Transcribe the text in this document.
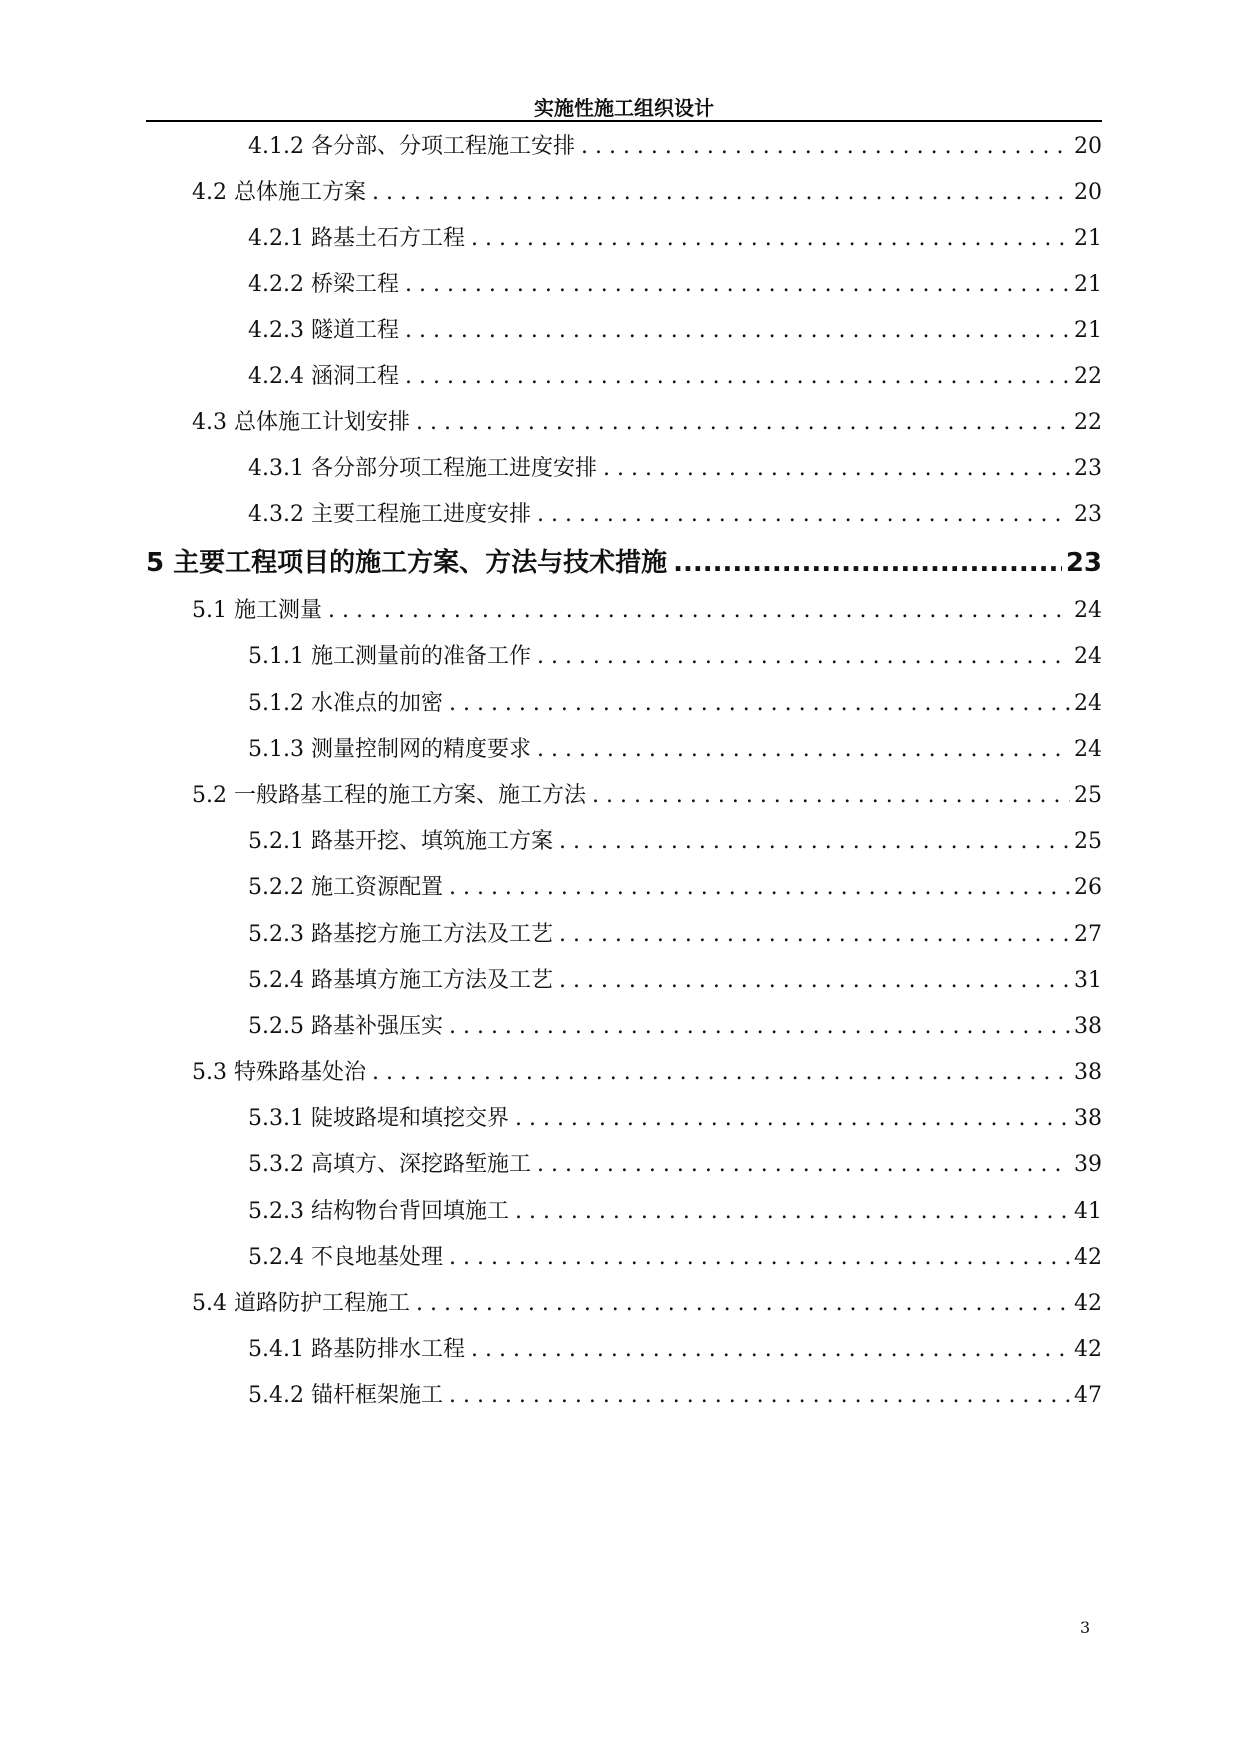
实施性施工组织设计
4.1.2 各分部、分项工程施工安排 . . .	20
4.2 总体施工方案 . . .	20
4.2.1 路基土石方工程 . . .	21
4.2.2 桥梁工程 . . .	21
4.2.3 隧道工程 . . .	21
4.2.4 涵洞工程 . . .	22
4.3 总体施工计划安排 . . .	22
4.3.1 各分部分项工程施工进度安排 . . .	23
4.3.2 主要工程施工进度安排 . . .	23
5 主要工程项目的施工方案、方法与技术措施 .....	23
5.1 施工测量 . . .	24
5.1.1 施工测量前的准备工作 . . .	24
5.1.2 水准点的加密 . . .	24
5.1.3 测量控制网的精度要求 . . .	24
5.2 一般路基工程的施工方案、施工方法 . . .	25
5.2.1 路基开挖、填筑施工方案 . . .	25
5.2.2 施工资源配置 . . .	26
5.2.3 路基挖方施工方法及工艺 . . .	27
5.2.4 路基填方施工方法及工艺 . . .	31
5.2.5 路基补强压实 . . .	38
5.3 特殊路基处治 . . .	38
5.3.1 陡坡路堤和填挖交界 . . .	38
5.3.2 高填方、深挖路堑施工 . . .	39
5.2.3 结构物台背回填施工 . . .	41
5.2.4 不良地基处理 . . .	42
5.4 道路防护工程施工 . . .	42
5.4.1 路基防排水工程 . . .	42
5.4.2 锚杆框架施工 . . .	47
3
